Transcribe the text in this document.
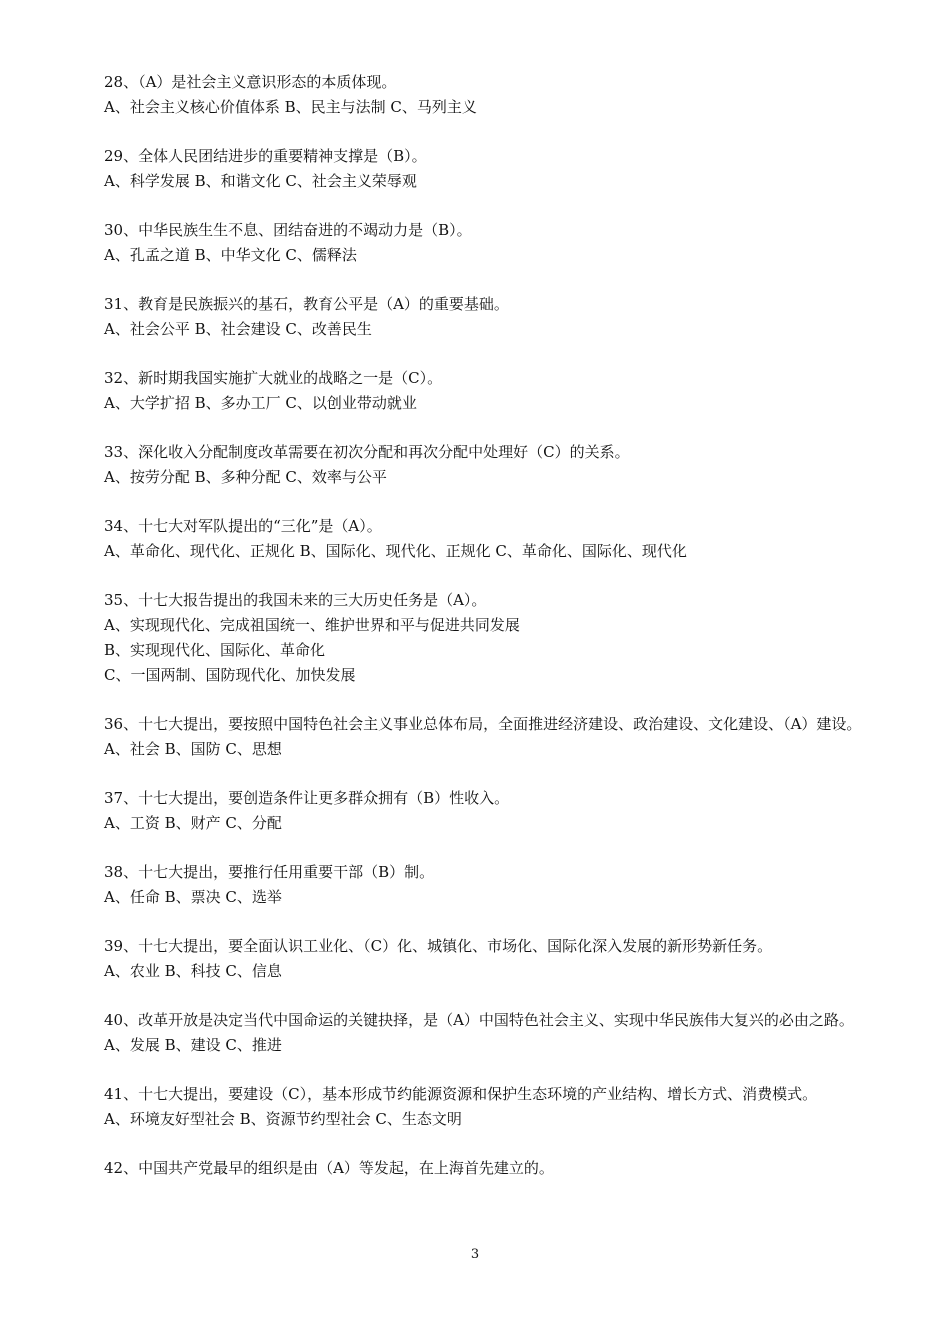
28、（A）是社会主义意识形态的本质体现。
A、社会主义核心价值体系 B、民主与法制 C、马列主义
29、全体人民团结进步的重要精神支撑是（B）。
A、科学发展 B、和谐文化 C、社会主义荣辱观
30、中华民族生生不息、团结奋进的不竭动力是（B）。
A、孔孟之道 B、中华文化 C、儒释法
31、教育是民族振兴的基石，教育公平是（A）的重要基础。
A、社会公平 B、社会建设 C、改善民生
32、新时期我国实施扩大就业的战略之一是（C）。
A、大学扩招 B、多办工厂 C、以创业带动就业
33、深化收入分配制度改革需要在初次分配和再次分配中处理好（C）的关系。
A、按劳分配 B、多种分配 C、效率与公平
34、十七大对军队提出的“三化”是（A）。
A、革命化、现代化、正规化 B、国际化、现代化、正规化 C、革命化、国际化、现代化
35、十七大报告提出的我国未来的三大历史任务是（A）。
A、实现现代化、完成祖国统一、维护世界和平与促进共同发展
B、实现现代化、国际化、革命化
C、一国两制、国防现代化、加快发展
36、十七大提出，要按照中国特色社会主义事业总体布局，全面推进经济建设、政治建设、文化建设、（A）建设。
A、社会 B、国防 C、思想
37、十七大提出，要创造条件让更多群众拥有（B）性收入。
A、工资 B、财产 C、分配
38、十七大提出，要推行任用重要干部（B）制。
A、任命 B、票决 C、选举
39、十七大提出，要全面认识工业化、（C）化、城镇化、市场化、国际化深入发展的新形势新任务。
A、农业 B、科技 C、信息
40、改革开放是决定当代中国命运的关键抉择，是（A）中国特色社会主义、实现中华民族伟大复兴的必由之路。
A、发展 B、建设 C、推进
41、十七大提出，要建设（C），基本形成节约能源资源和保护生态环境的产业结构、增长方式、消费模式。
A、环境友好型社会 B、资源节约型社会 C、生态文明
42、中国共产党最早的组织是由（A）等发起，在上海首先建立的。
3
